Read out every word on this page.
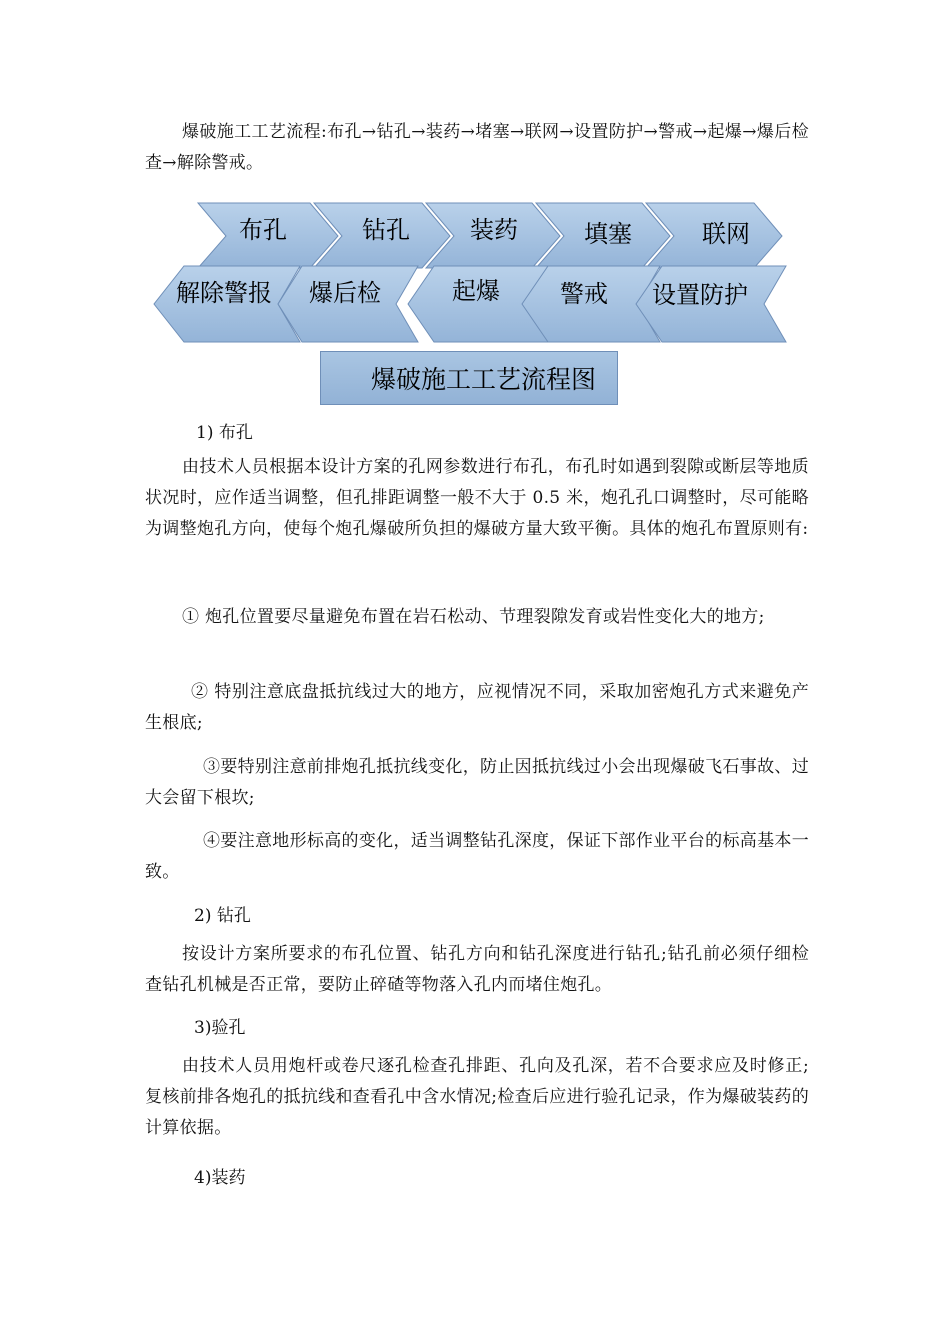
爆破施工工艺流程:布孔→钻孔→装药→堵塞→联网→设置防护→警戒→起爆→爆后检查→解除警戒。

布孔	钻孔	装药	填塞	联网
解除警报 爆后检	起爆	警戒 设置防护
爆破施工工艺流程图

1) 布孔

由技术人员根据本设计方案的孔网参数进行布孔，布孔时如遇到裂隙或断层等地质状况时，应作适当调整，但孔排距调整一般不大于 0.5 米，炮孔孔口调整时，尽可能略为调整炮孔方向，使每个炮孔爆破所负担的爆破方量大致平衡。具体的炮孔布置原则有:

① 炮孔位置要尽量避免布置在岩石松动、节理裂隙发育或岩性变化大的地方;

② 特别注意底盘抵抗线过大的地方，应视情况不同，采取加密炮孔方式来避免产生根底;

③要特别注意前排炮孔抵抗线变化，防止因抵抗线过小会出现爆破飞石事故、过大会留下根坎;

④要注意地形标高的变化，适当调整钻孔深度，保证下部作业平台的标高基本一致。

2) 钻孔

按设计方案所要求的布孔位置、钻孔方向和钻孔深度进行钻孔;钻孔前必须仔细检查钻孔机械是否正常，要防止碎碴等物落入孔内而堵住炮孔。

3)验孔

由技术人员用炮杆或卷尺逐孔检查孔排距、孔向及孔深，若不合要求应及时修正;复核前排各炮孔的抵抗线和查看孔中含水情况;检查后应进行验孔记录，作为爆破装药的计算依据。

4)装药
